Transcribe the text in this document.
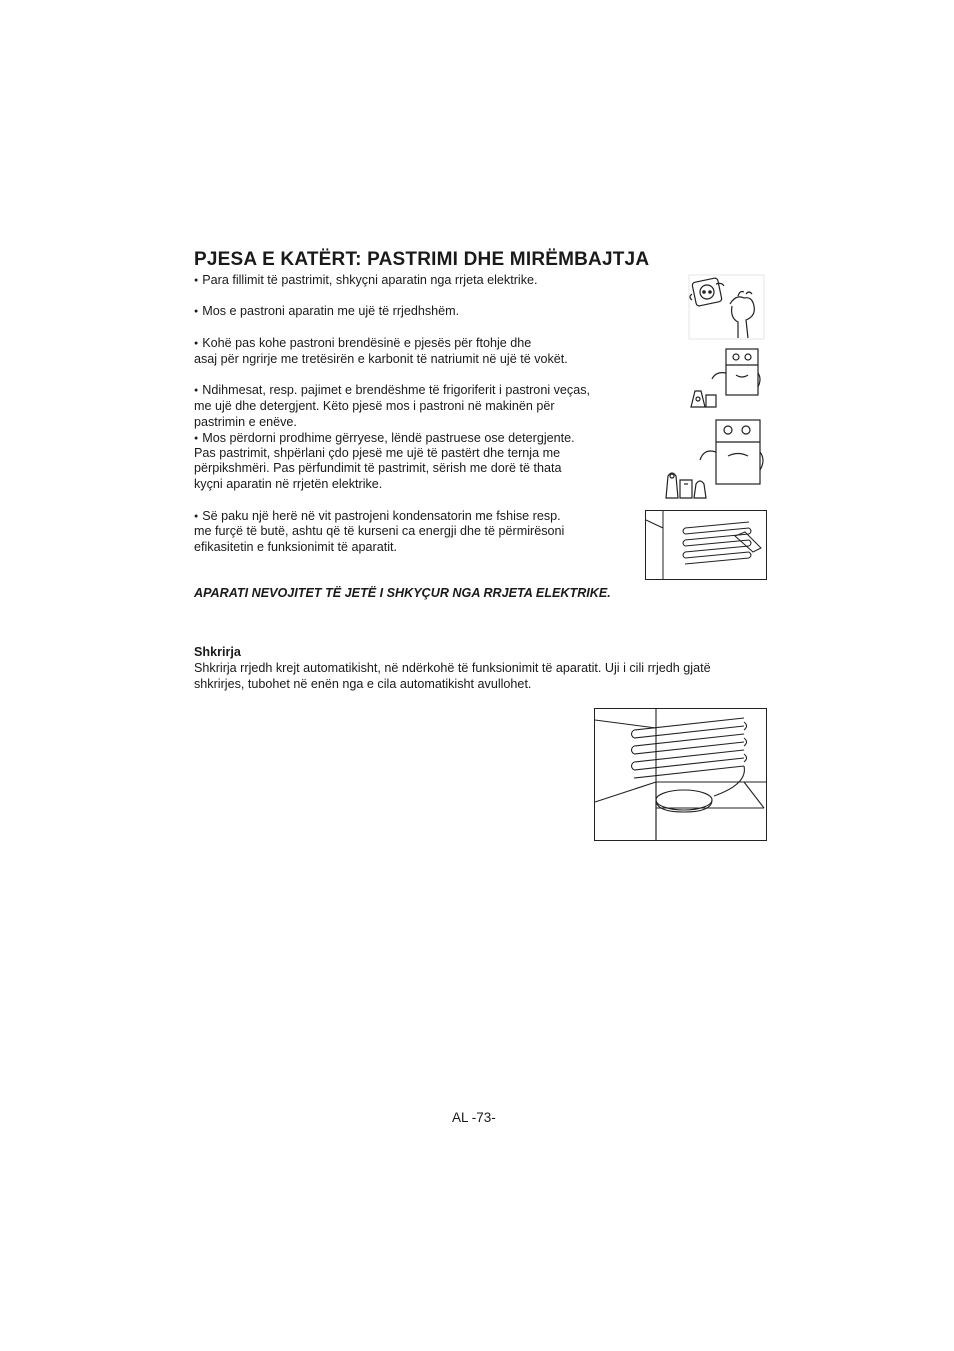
PJESA E KATËRT: PASTRIMI DHE MIRËMBAJTJA
● Para fillimit të pastrimit, shkyçni aparatin nga rrjeta elektrike.
● Mos e pastroni aparatin me ujë të rrjedhshëm.
● Kohë pas kohe pastroni brendësinë e pjesës për ftohje dhe
asaj për ngrirje me tretësirën e karbonit të natriumit në ujë të vokët.
● Ndihmesat, resp. pajimet e brendëshme të frigoriferit i pastroni veças,
me ujë dhe detergjent. Këto pjesë mos i pastroni në makinën për
pastrimin e enëve.
● Mos përdorni prodhime gërryese, lëndë pastruese ose detergjente.
Pas pastrimit, shpërlani çdo pjesë me ujë të pastërt dhe ternja me
përpikshmëri. Pas përfundimit të pastrimit, sërish me dorë të thata
kyçni aparatin në rrjetën elektrike.
● Së paku një herë në vit pastrojeni kondensatorin me fshise resp.
me furçë të butë, ashtu që të kurseni ca energji dhe të përmirësoni
efikasitetin e funksionimit të aparatit.
APARATI NEVOJITET TË JETË I SHKYÇUR NGA RRJETA ELEKTRIKE.
Shkrirja
Shkrirja rrjedh krejt automatikisht, në ndërkohë të funksionimit të aparatit. Uji i cili rrjedh gjatë
shkrirjes, tubohet në enën nga e cila automatikisht avullohet.
AL -73-
